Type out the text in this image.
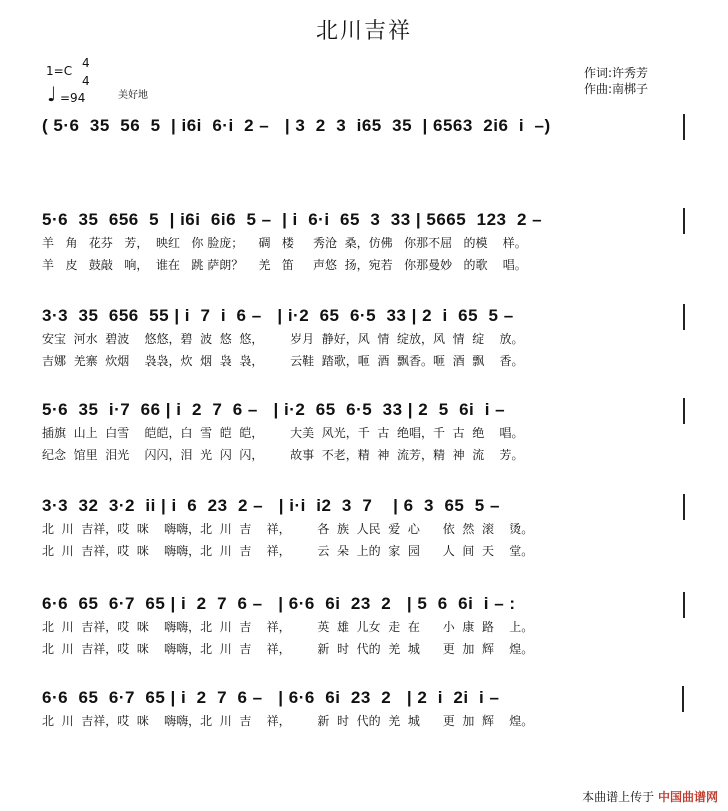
北川吉祥
1=C
4
4
♩ =94	美好地
作词:许秀芳
作曲:南梆子
( 5·6  35  56  5  | i6i  6·i  2 –   | 3  2  3  i65  35  | 6563  2i6  i  –)
5·6  35  656  5  | i6i  6i6  5 –  | i  6·i  65  3  33 | 5665  123  2 –
羊   角   花芬   芳，  映红   你 脸庞；    碉   楼     秀沧  桑，仿佛   你那不屈   的模    样。
羊   皮   鼓敲   响，  谁在   跳 萨朗？    羌   笛     声悠  扬，宛若   你那曼妙   的歌    唱。
3·3  35  656  55 | i  7  i  6 –   | i·2  65  6·5  33 | 2  i  65  5 –
安宝  河水  碧波    悠悠，碧  波  悠  悠，       岁月  静好，风  情  绽放，风  情  绽    放。
吉娜  羌寨  炊烟    袅袅，炊  烟  袅  袅，       云鞋  踏歌，咂  酒  飘香。咂  酒  飘    香。
5·6  35  i·7  66 | i  2  7  6 –   | i·2  65  6·5  33 | 2  5  6i  i –
插旗  山上  白雪    皑皑，白  雪  皑  皑，       大美  风光，千  古  绝唱，千  古  绝    唱。
纪念  馆里  泪光    闪闪，泪  光  闪  闪，       故事  不老，精  神  流芳，精  神  流    芳。
3·3  32  3·2  ii | i  6  23  2 –   | i·i  i2  3  7    | 6  3  65  5 –
北  川  吉祥，哎  咪    嗨嗨，北  川  吉    祥，       各  族  人民  爱  心      依  然  滚    烫。
北  川  吉祥，哎  咪    嗨嗨，北  川  吉    祥，       云  朵  上的  家  园      人  间  天    堂。
6·6  65  6·7  65 | i  2  7  6 –   | 6·6  6i  23  2   | 5  6  6i  i – :
北  川  吉祥，哎  咪    嗨嗨，北  川  吉    祥，       英  雄  儿女  走  在      小  康  路    上。
北  川  吉祥，哎  咪    嗨嗨，北  川  吉    祥，       新  时  代的  羌  城      更  加  辉    煌。
6·6  65  6·7  65 | i  2  7  6 –   | 6·6  6i  23  2   | 2  i  2i  i –
北  川  吉祥，哎  咪    嗨嗨，北  川  吉    祥，       新  时  代的  羌  城      更  加  辉    煌。
本曲谱上传于 中国曲谱网
